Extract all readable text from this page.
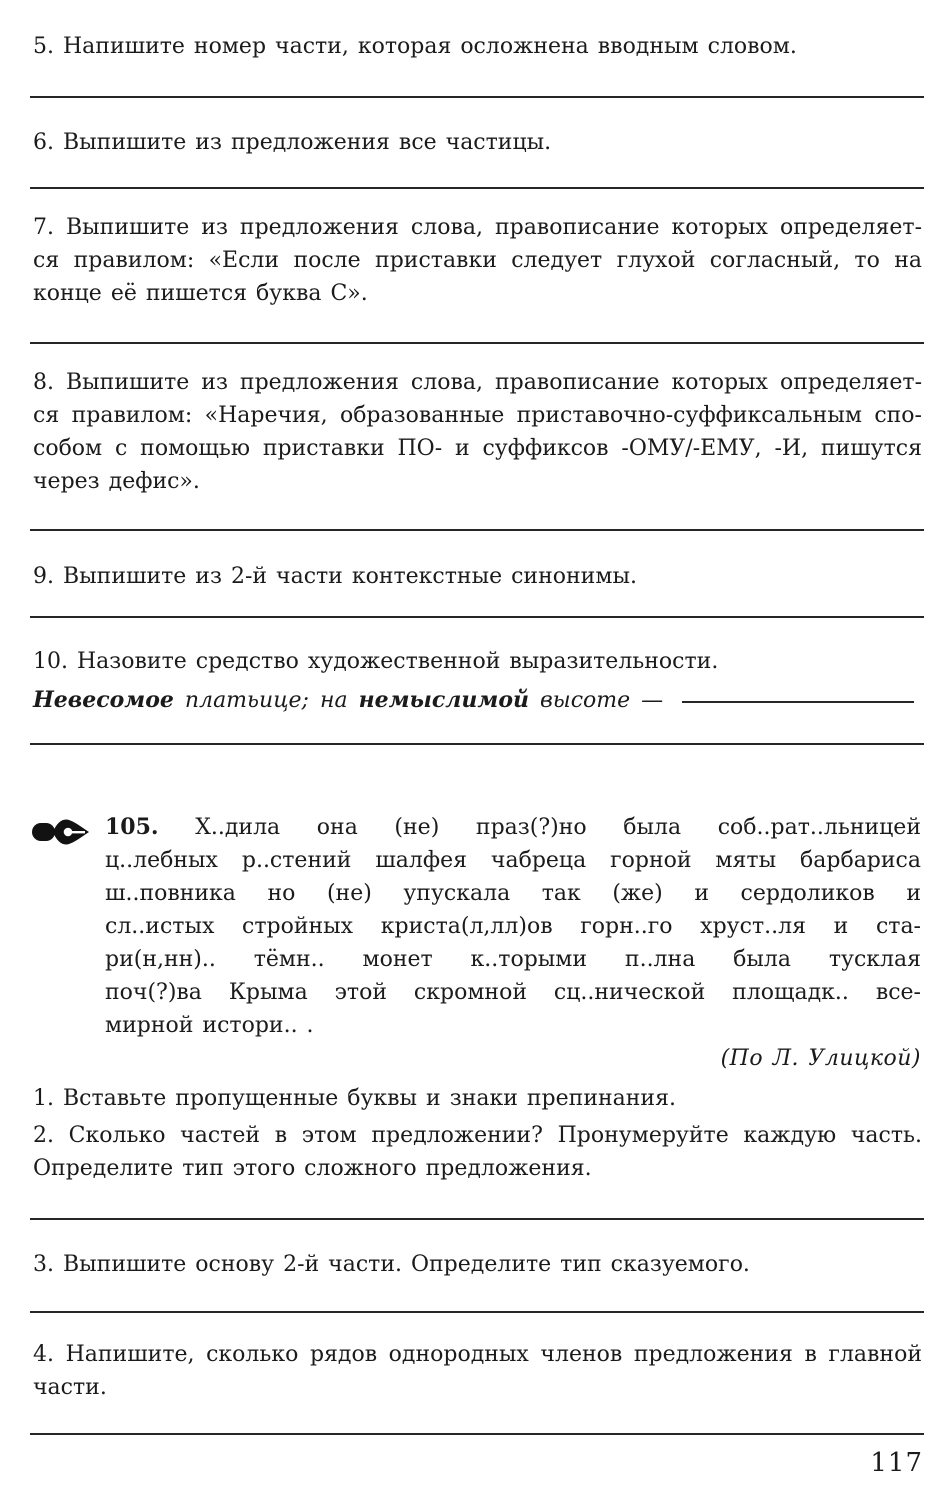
5. Напишите номер части, которая осложнена вводным словом.
6. Выпишите из предложения все частицы.
7. Выпишите из предложения слова, правописание которых определяет-
ся правилом: «Если после приставки следует глухой согласный, то на
конце её пишется буква С».
8. Выпишите из предложения слова, правописание которых определяет-
ся правилом: «Наречия, образованные приставочно-суффиксальным спо-
собом с помощью приставки ПО- и суффиксов -ОМУ/-ЕМУ, -И, пишутся
через дефис».
9. Выпишите из 2-й части контекстные синонимы.
10. Назовите средство художественной выразительности.
Невесомое платьице; на немыслимой высоте —
105. Х..дила она (не) праз(?)но была соб..рат..льницей
ц..лебных р..стений шалфея чабреца горной мяты барбариса
ш..повника но (не) упускала так (же) и сердоликов и
сл..истых стройных криста(л,лл)ов горн..го хруст..ля и ста-
ри(н,нн).. тёмн.. монет к..торыми п..лна была тусклая
поч(?)ва Крыма этой скромной сц..нической площадк.. все-
мирной истори.. .
(По Л. Улицкой)
1. Вставьте пропущенные буквы и знаки препинания.
2. Сколько частей в этом предложении? Пронумеруйте каждую часть.
Определите тип этого сложного предложения.
3. Выпишите основу 2-й части. Определите тип сказуемого.
4. Напишите, сколько рядов однородных членов предложения в главной
части.
117
